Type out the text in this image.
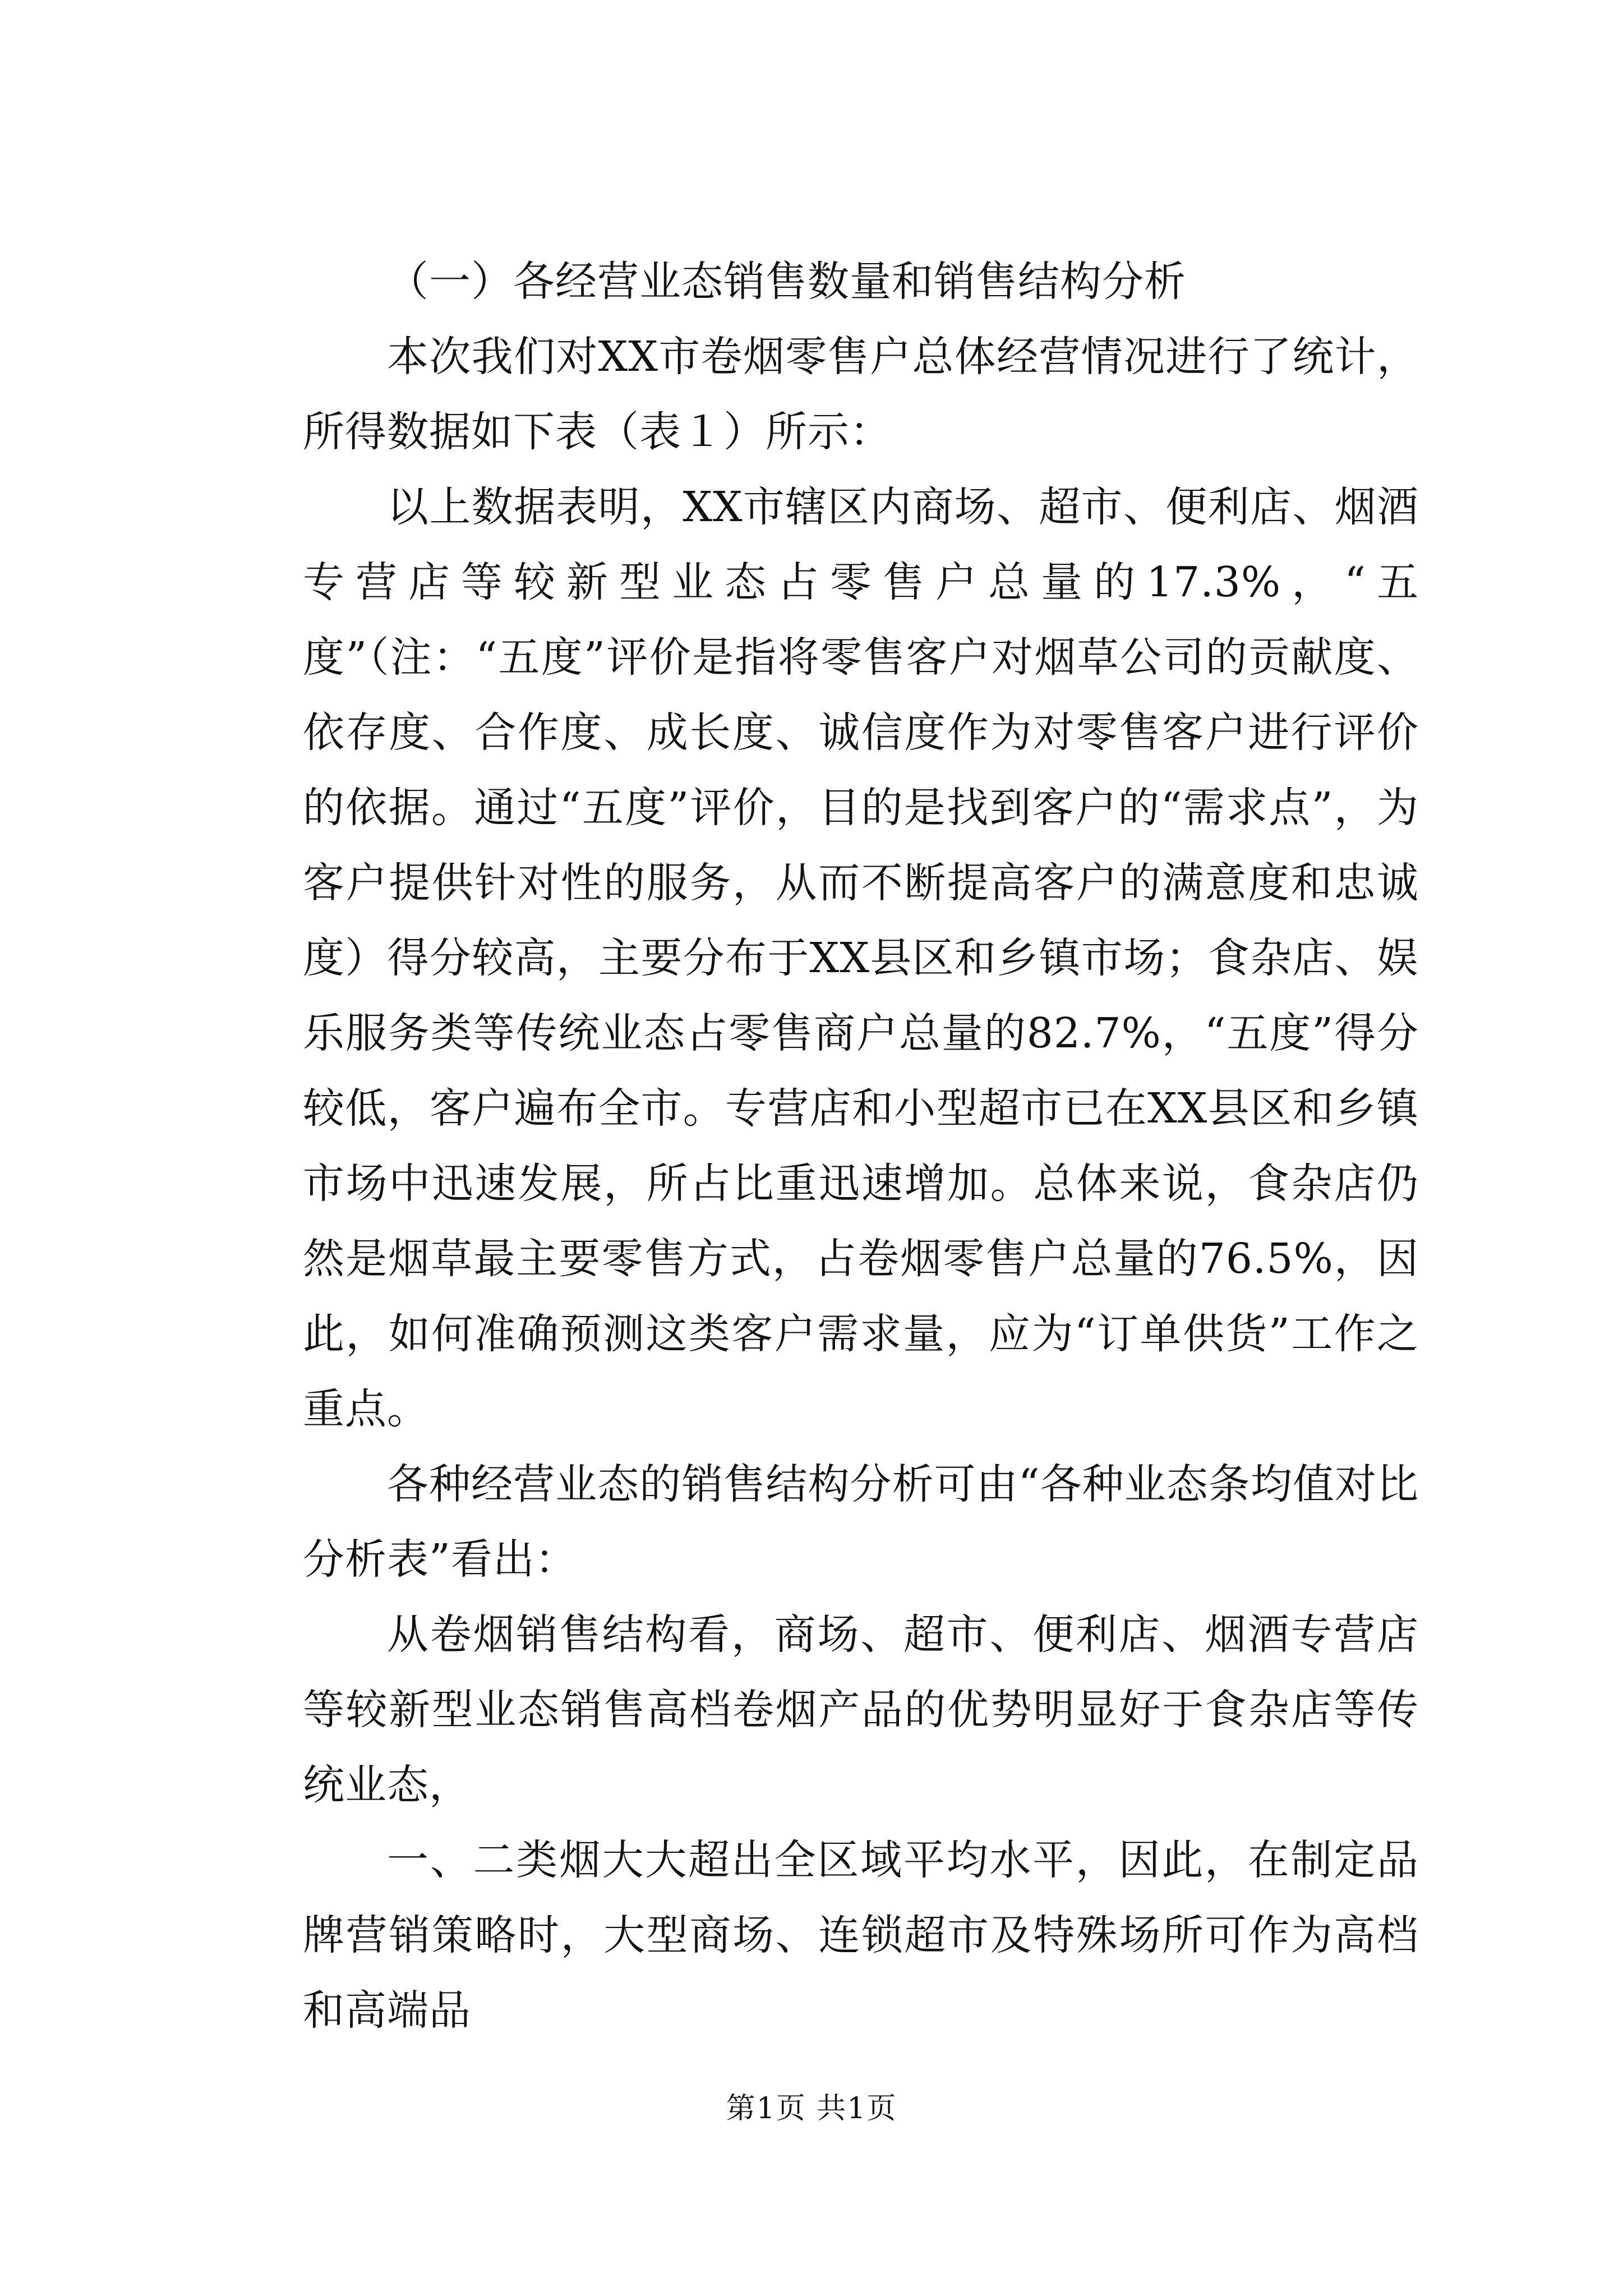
（一）各经营业态销售数量和销售结构分析

本次我们对XX市卷烟零售户总体经营情况进行了统计，所得数据如下表（表１）所示：

以上数据表明，XX市辖区内商场、超市、便利店、烟酒专营店等较新型业态占零售户总量的17.3%，“五度”（注：“五度”评价是指将零售客户对烟草公司的贡献度、依存度、合作度、成长度、诚信度作为对零售客户进行评价的依据。通过“五度”评价，目的是找到客户的“需求点”，为客户提供针对性的服务，从而不断提高客户的满意度和忠诚度）得分较高，主要分布于XX县区和乡镇市场；食杂店、娱乐服务类等传统业态占零售商户总量的82.7%，“五度”得分较低，客户遍布全市。专营店和小型超市已在XX县区和乡镇市场中迅速发展，所占比重迅速增加。总体来说，食杂店仍然是烟草最主要零售方式，占卷烟零售户总量的76.5%，因此，如何准确预测这类客户需求量，应为“订单供货”工作之重点。

各种经营业态的销售结构分析可由“各种业态条均值对比分析表”看出：

从卷烟销售结构看，商场、超市、便利店、烟酒专营店等较新型业态销售高档卷烟产品的优势明显好于食杂店等传统业态，

一、二类烟大大超出全区域平均水平，因此，在制定品牌营销策略时，大型商场、连锁超市及特殊场所可作为高档和高端品

第1页 共1页
